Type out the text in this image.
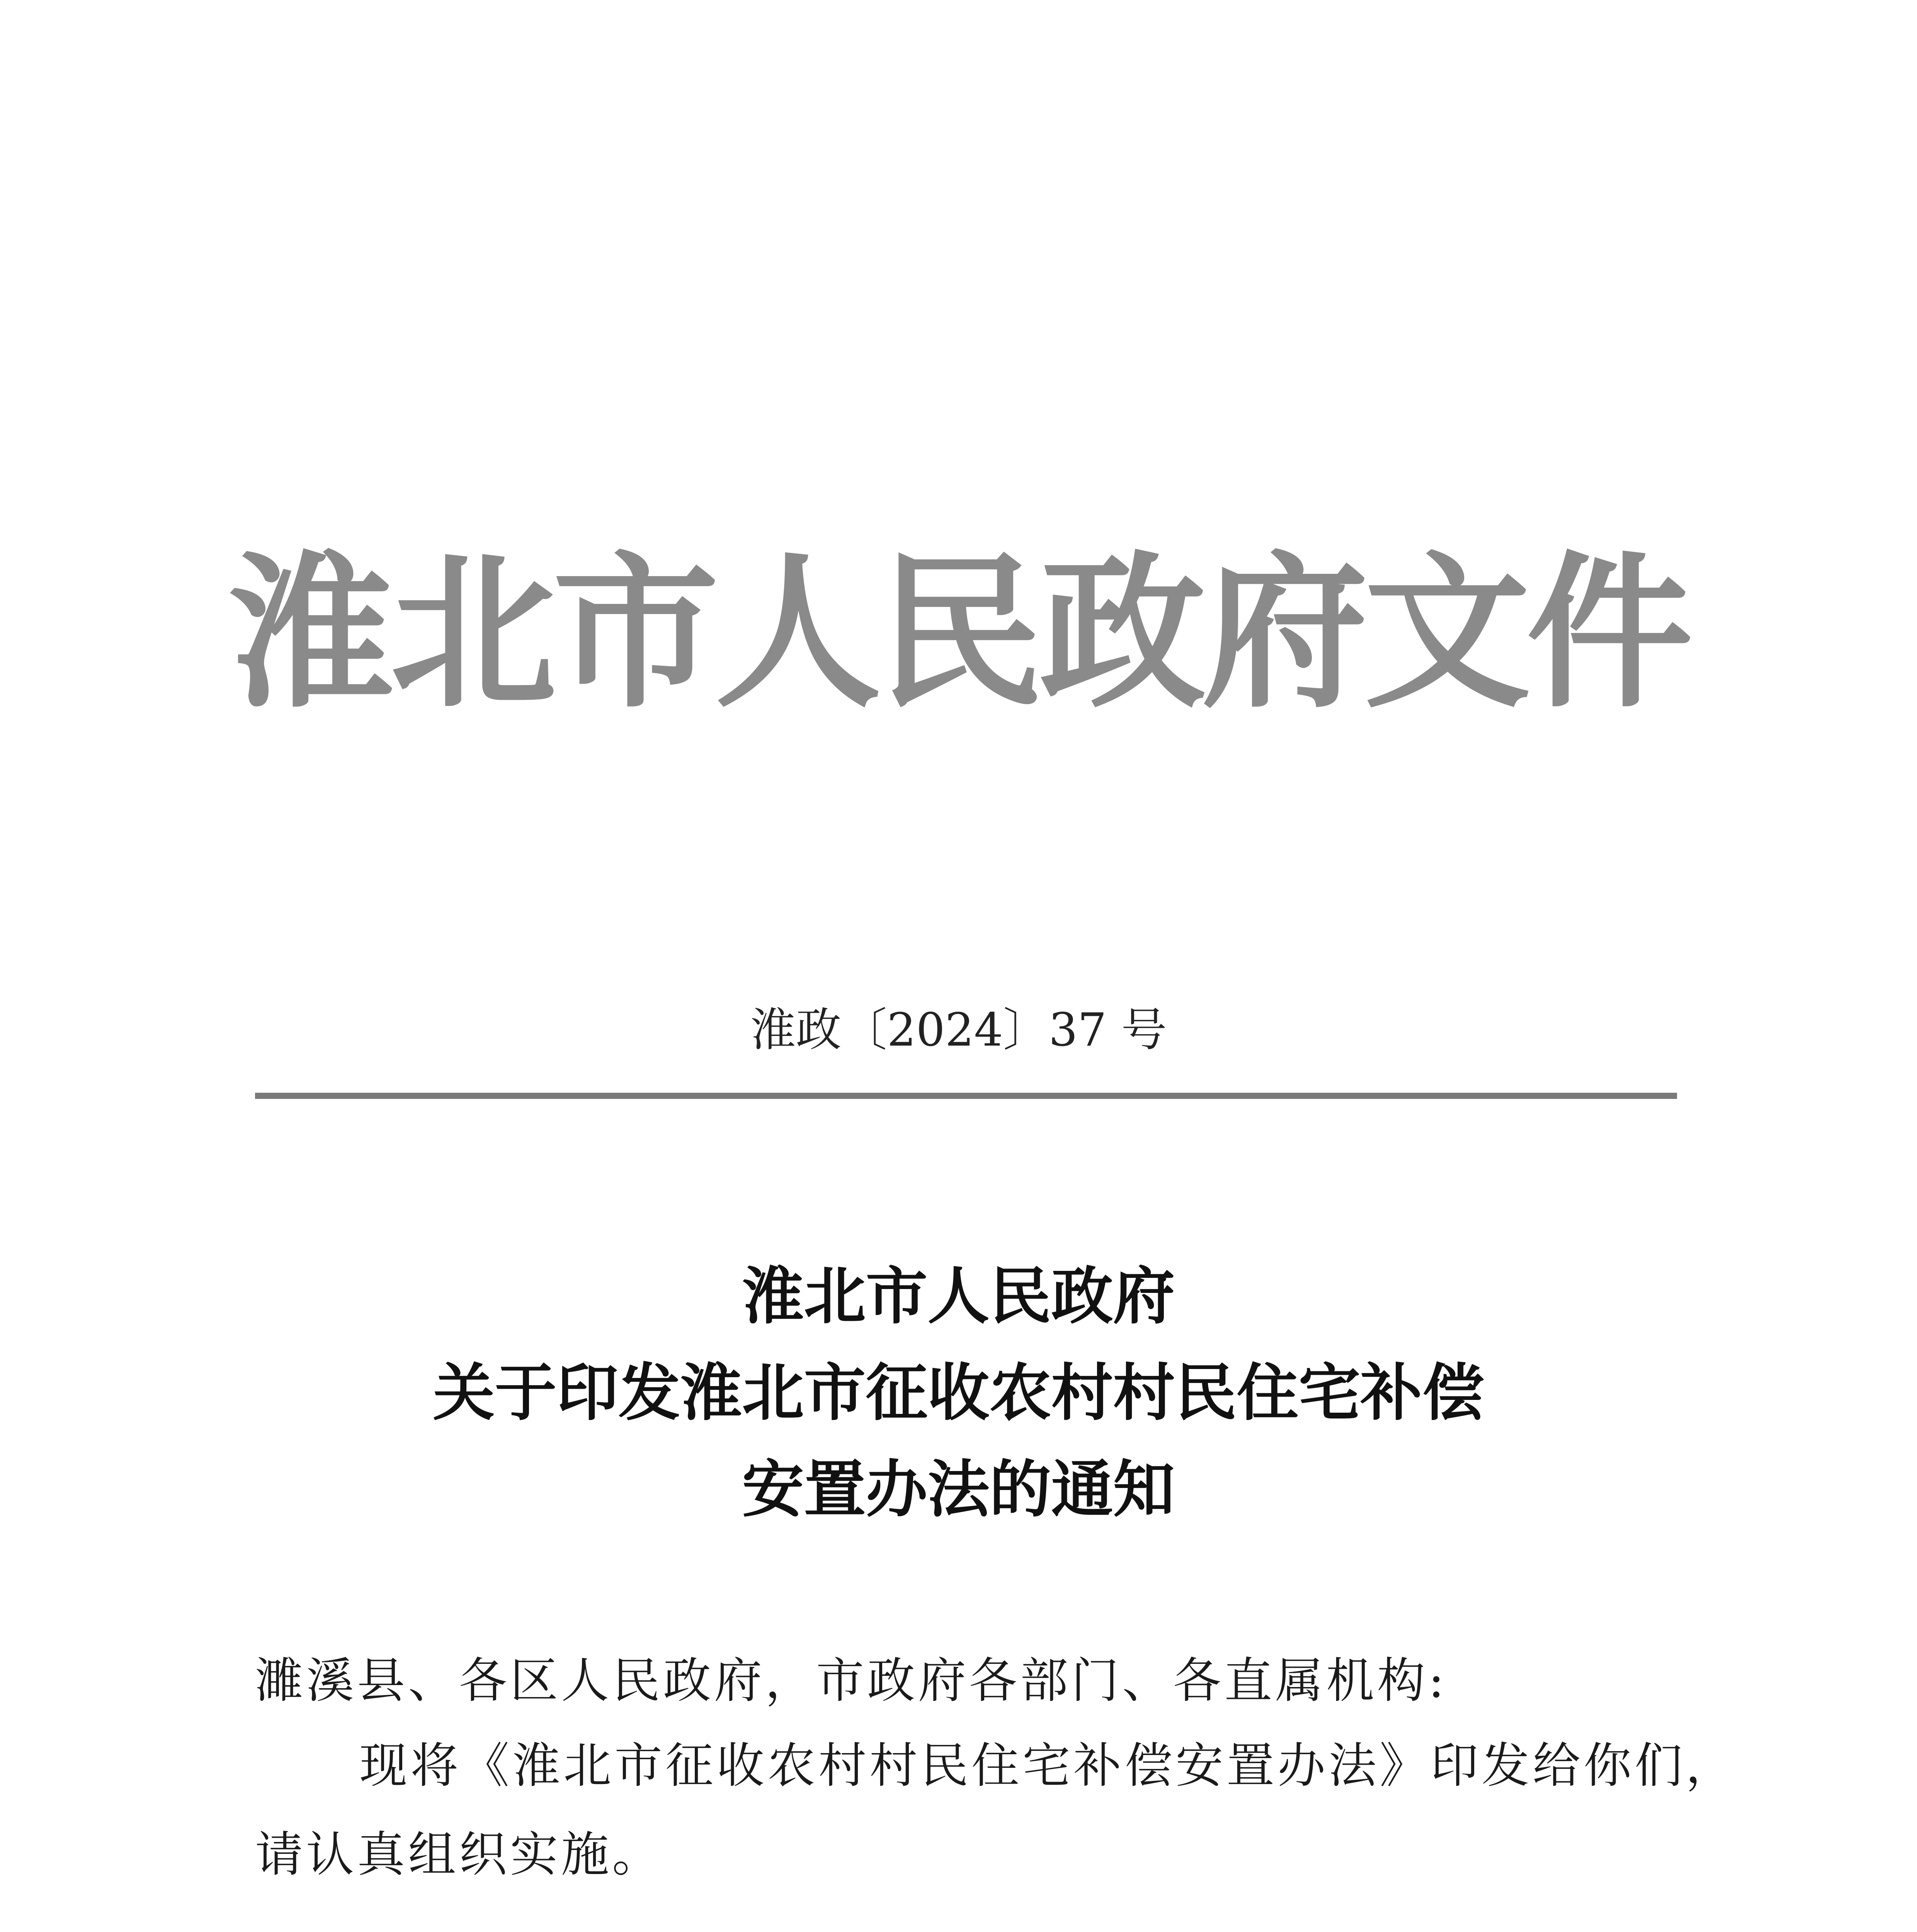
淮北市人民政府文件
淮政〔2024〕37 号
淮北市人民政府
关于印发淮北市征收农村村民住宅补偿
安置办法的通知
濉溪县、各区人民政府，市政府各部门、各直属机构:
现将《淮北市征收农村村民住宅补偿安置办法》印发给你们，
请认真组织实施。
